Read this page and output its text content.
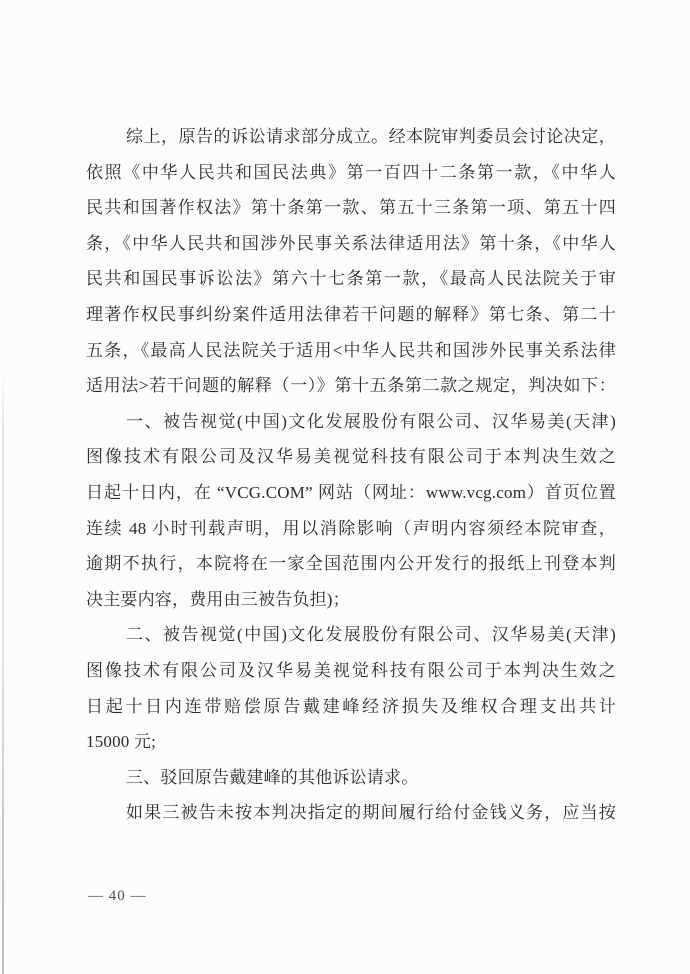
综上，原告的诉讼请求部分成立。经本院审判委员会讨论决定，
依照《中华人民共和国民法典》第一百四十二条第一款，《中华人
民共和国著作权法》第十条第一款、第五十三条第一项、第五十四
条，《中华人民共和国涉外民事关系法律适用法》第十条，《中华人
民共和国民事诉讼法》第六十七条第一款，《最高人民法院关于审
理著作权民事纠纷案件适用法律若干问题的解释》第七条、第二十
五条，《最高人民法院关于适用<中华人民共和国涉外民事关系法律
适用法>若干问题的解释（一）》第十五条第二款之规定，判决如下：
一、被告视觉(中国)文化发展股份有限公司、汉华易美(天津)
图像技术有限公司及汉华易美视觉科技有限公司于本判决生效之
日起十日内，在 “VCG.COM” 网站（网址：www.vcg.com）首页位置
连续 48 小时刊载声明，用以消除影响（声明内容须经本院审查，
逾期不执行，本院将在一家全国范围内公开发行的报纸上刊登本判
决主要内容，费用由三被告负担)；
二、被告视觉(中国)文化发展股份有限公司、汉华易美(天津)
图像技术有限公司及汉华易美视觉科技有限公司于本判决生效之
日起十日内连带赔偿原告戴建峰经济损失及维权合理支出共计
15000 元;
三、驳回原告戴建峰的其他诉讼请求。
如果三被告未按本判决指定的期间履行给付金钱义务，应当按
— 40 —
